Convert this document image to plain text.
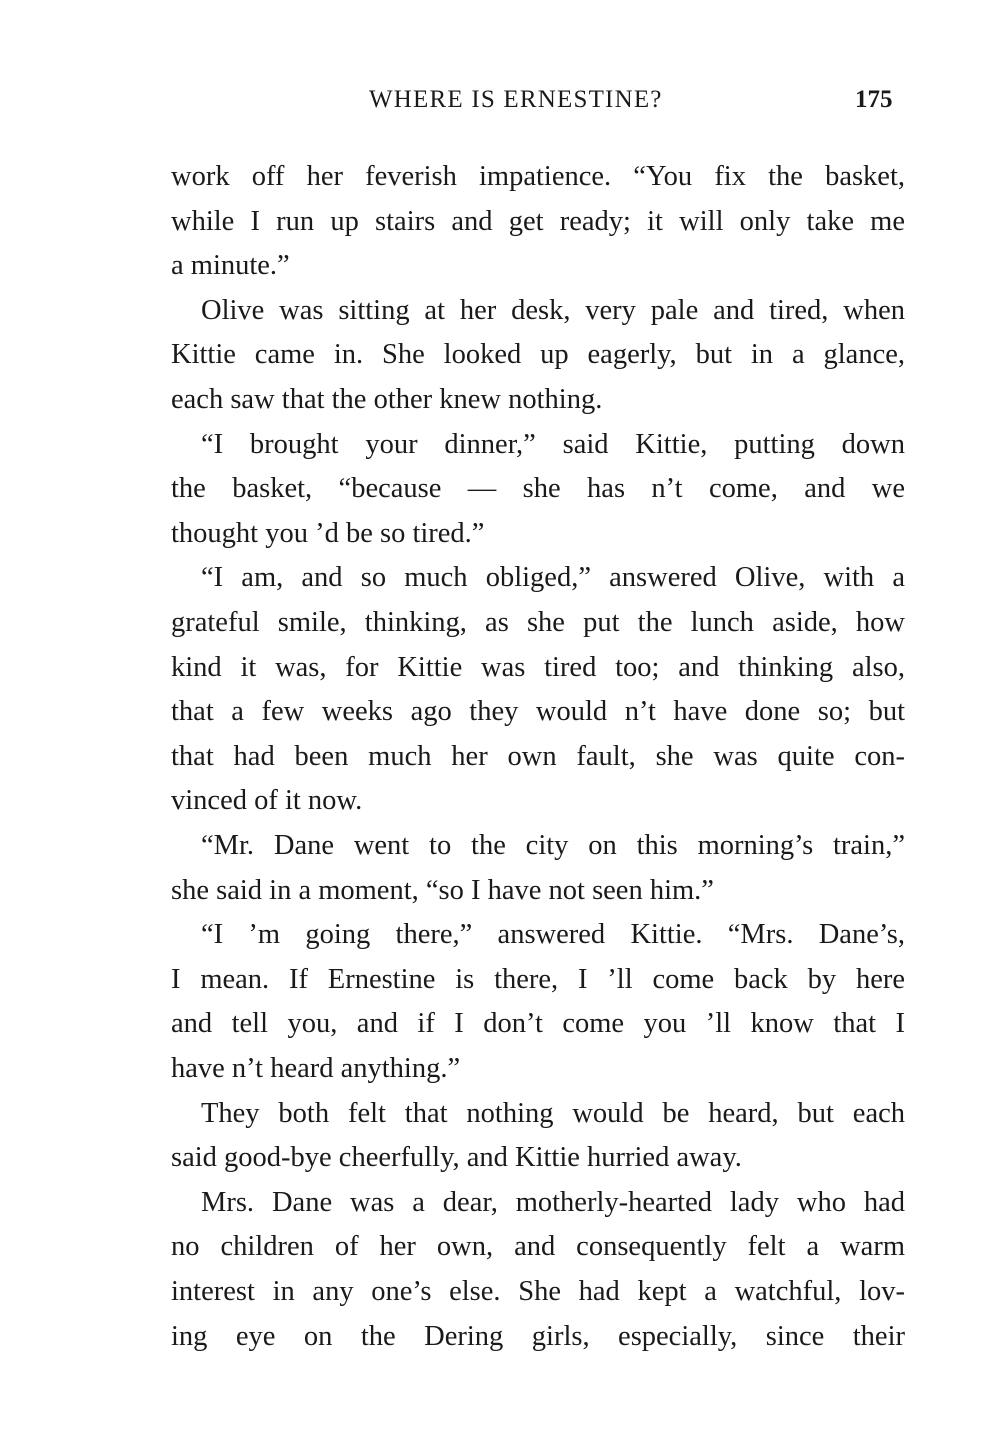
WHERE IS ERNESTINE?	175
work off her feverish impatience. “You fix the basket,
while I run up stairs and get ready; it will only take me
a minute.”
Olive was sitting at her desk, very pale and tired, when
Kittie came in. She looked up eagerly, but in a glance,
each saw that the other knew nothing.
“I brought your dinner,” said Kittie, putting down
the basket, “because — she has n’t come, and we
thought you ’d be so tired.”
“I am, and so much obliged,” answered Olive, with a
grateful smile, thinking, as she put the lunch aside, how
kind it was, for Kittie was tired too; and thinking also,
that a few weeks ago they would n’t have done so; but
that had been much her own fault, she was quite con-
vinced of it now.
“Mr. Dane went to the city on this morning’s train,”
she said in a moment, “so I have not seen him.”
“I ’m going there,” answered Kittie. “Mrs. Dane’s,
I mean. If Ernestine is there, I ’ll come back by here
and tell you, and if I don’t come you ’ll know that I
have n’t heard anything.”
They both felt that nothing would be heard, but each
said good-bye cheerfully, and Kittie hurried away.
Mrs. Dane was a dear, motherly-hearted lady who had
no children of her own, and consequently felt a warm
interest in any one’s else. She had kept a watchful, lov-
ing eye on the Dering girls, especially, since their
